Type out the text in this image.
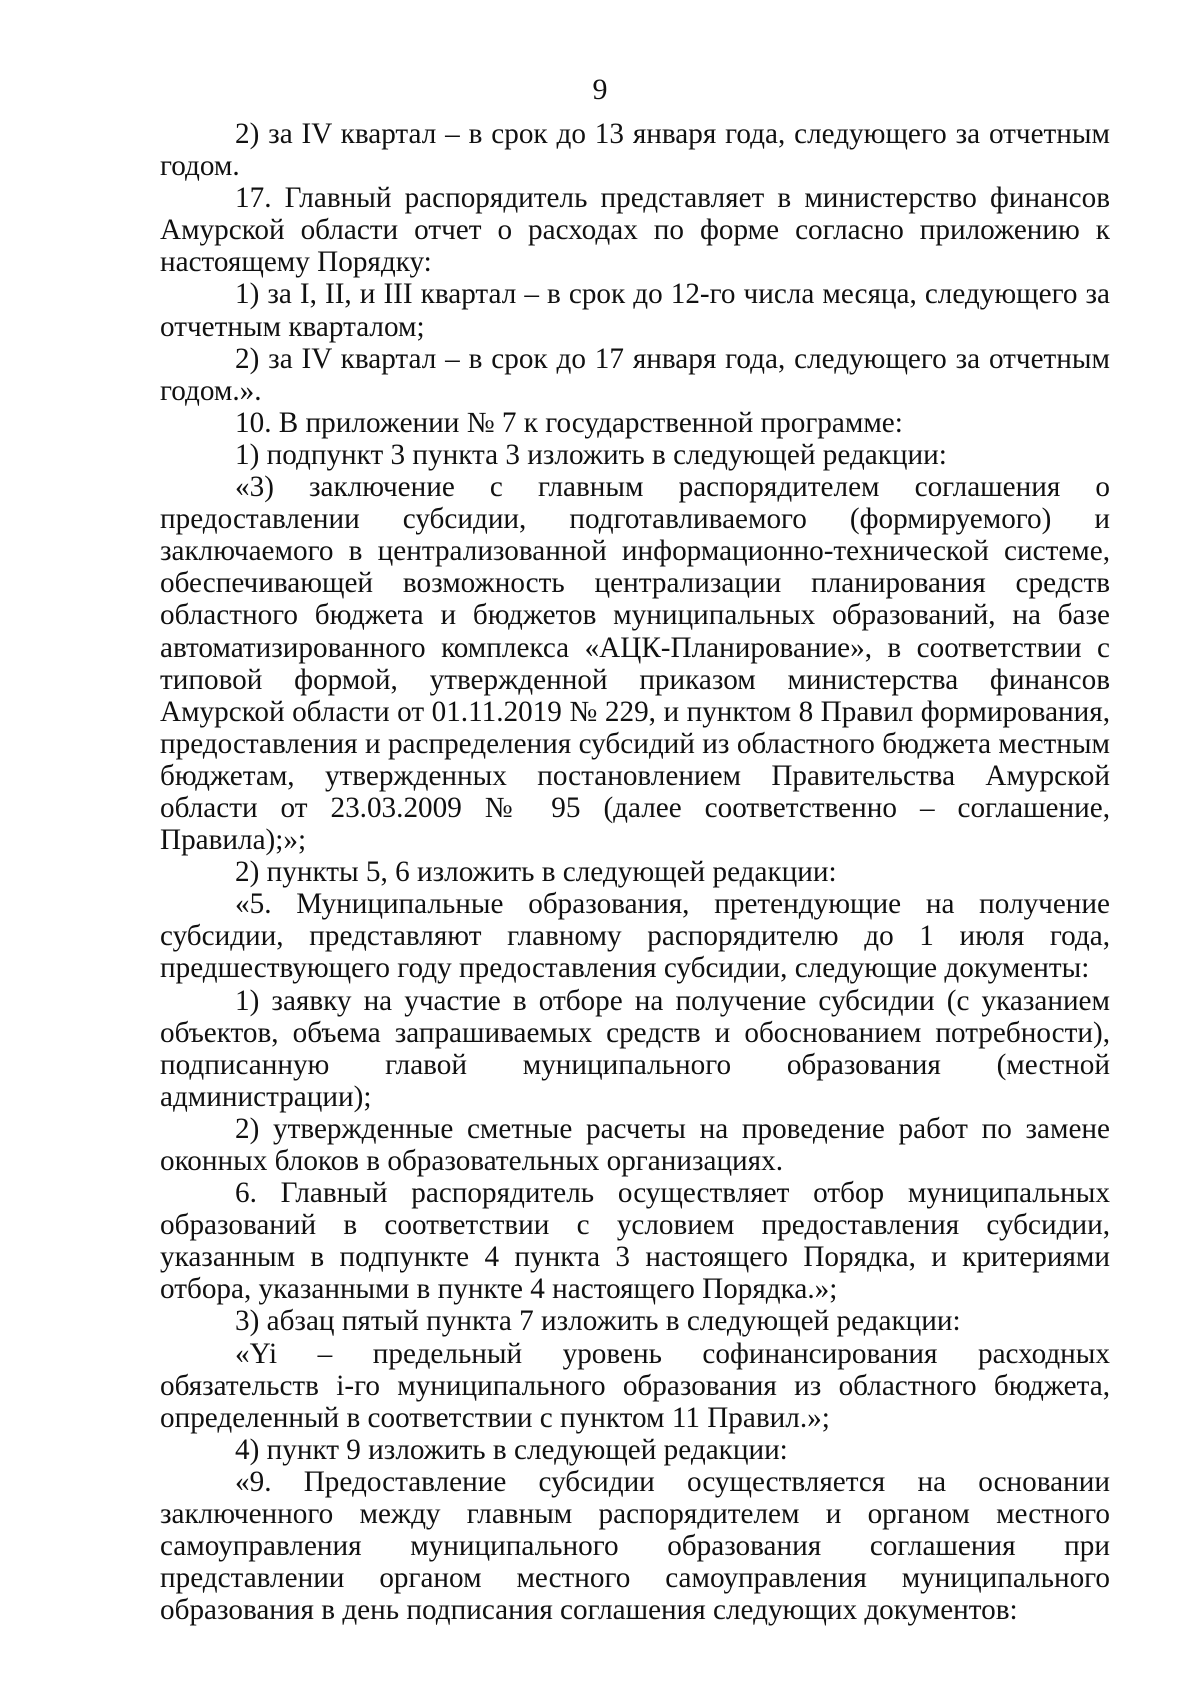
9

2) за IV квартал – в срок до 13 января года, следующего за отчетным годом.

17. Главный распорядитель представляет в министерство финансов Амурской области отчет о расходах по форме согласно приложению к настоящему Порядку:

1) за I, II, и III квартал – в срок до 12-го числа месяца, следующего за отчетным кварталом;

2) за IV квартал – в срок до 17 января года, следующего за отчетным годом.».

10. В приложении № 7 к государственной программе:

1) подпункт 3 пункта 3 изложить в следующей редакции:

«3) заключение с главным распорядителем соглашения о предоставлении субсидии, подготавливаемого (формируемого) и заключаемого в централизованной информационно-технической системе, обеспечивающей возможность централизации планирования средств областного бюджета и бюджетов муниципальных образований, на базе автоматизированного комплекса «АЦК-Планирование», в соответствии с типовой формой, утвержденной приказом министерства финансов Амурской области от 01.11.2019 № 229, и пунктом 8 Правил формирования, предоставления и распределения субсидий из областного бюджета местным бюджетам, утвержденных постановлением Правительства Амурской области от 23.03.2009 № 95 (далее соответственно – соглашение, Правила);»;

2) пункты 5, 6 изложить в следующей редакции:

«5. Муниципальные образования, претендующие на получение субсидии, представляют главному распорядителю до 1 июля года, предшествующего году предоставления субсидии, следующие документы:

1) заявку на участие в отборе на получение субсидии (с указанием объектов, объема запрашиваемых средств и обоснованием потребности), подписанную главой муниципального образования (местной администрации);

2) утвержденные сметные расчеты на проведение работ по замене оконных блоков в образовательных организациях.

6. Главный распорядитель осуществляет отбор муниципальных образований в соответствии с условием предоставления субсидии, указанным в подпункте 4 пункта 3 настоящего Порядка, и критериями отбора, указанными в пункте 4 настоящего Порядка.»;

3) абзац пятый пункта 7 изложить в следующей редакции:

«Yi – предельный уровень софинансирования расходных обязательств i-го муниципального образования из областного бюджета, определенный в соответствии с пунктом 11 Правил.»;

4) пункт 9 изложить в следующей редакции:

«9. Предоставление субсидии осуществляется на основании заключенного между главным распорядителем и органом местного самоуправления муниципального образования соглашения при представлении органом местного самоуправления муниципального образования в день подписания соглашения следующих документов:
